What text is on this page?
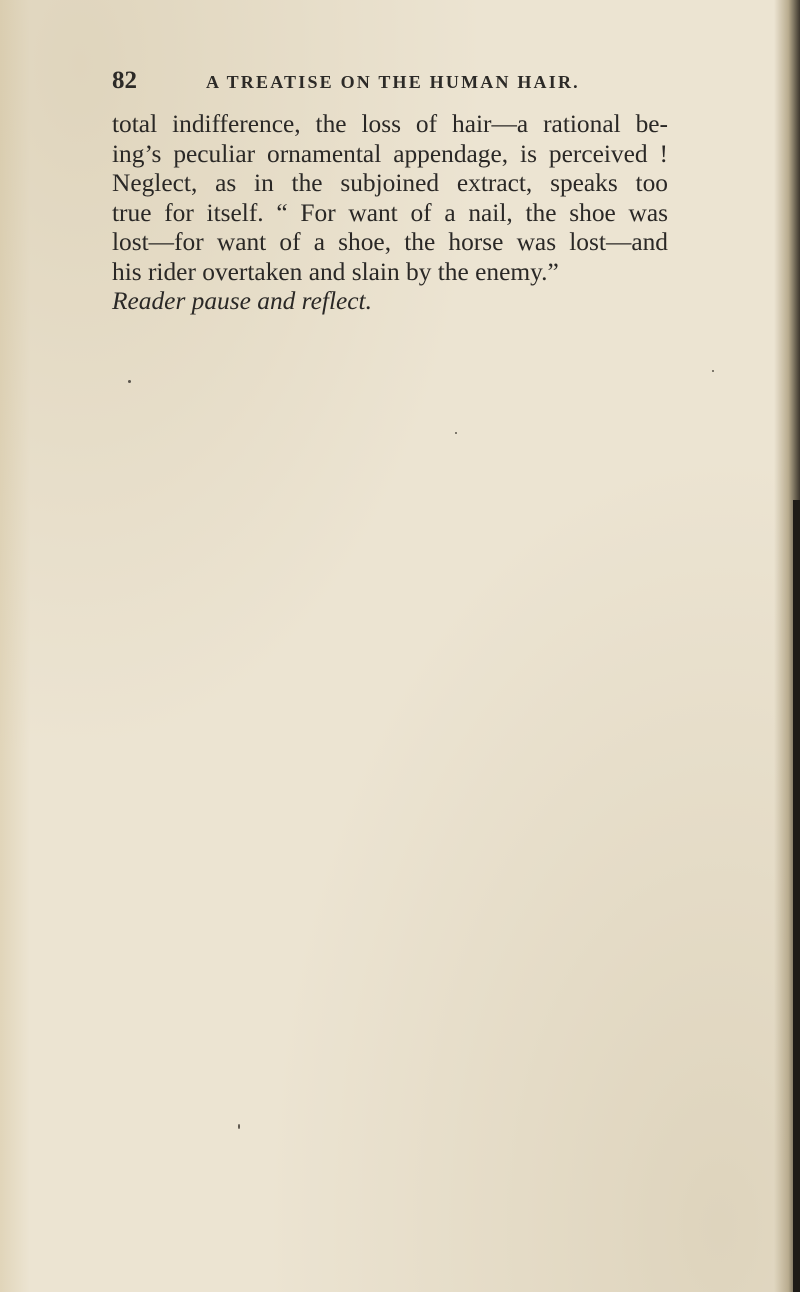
82	A TREATISE ON THE HUMAN HAIR.
total indifference, the loss of hair—a rational be-
ing’s peculiar ornamental appendage, is perceived !
Neglect, as in the subjoined extract, speaks too
true for itself. “ For want of a nail, the shoe was
lost—for want of a shoe, the horse was lost—and
his rider overtaken and slain by the enemy.”
Reader pause and reflect.
